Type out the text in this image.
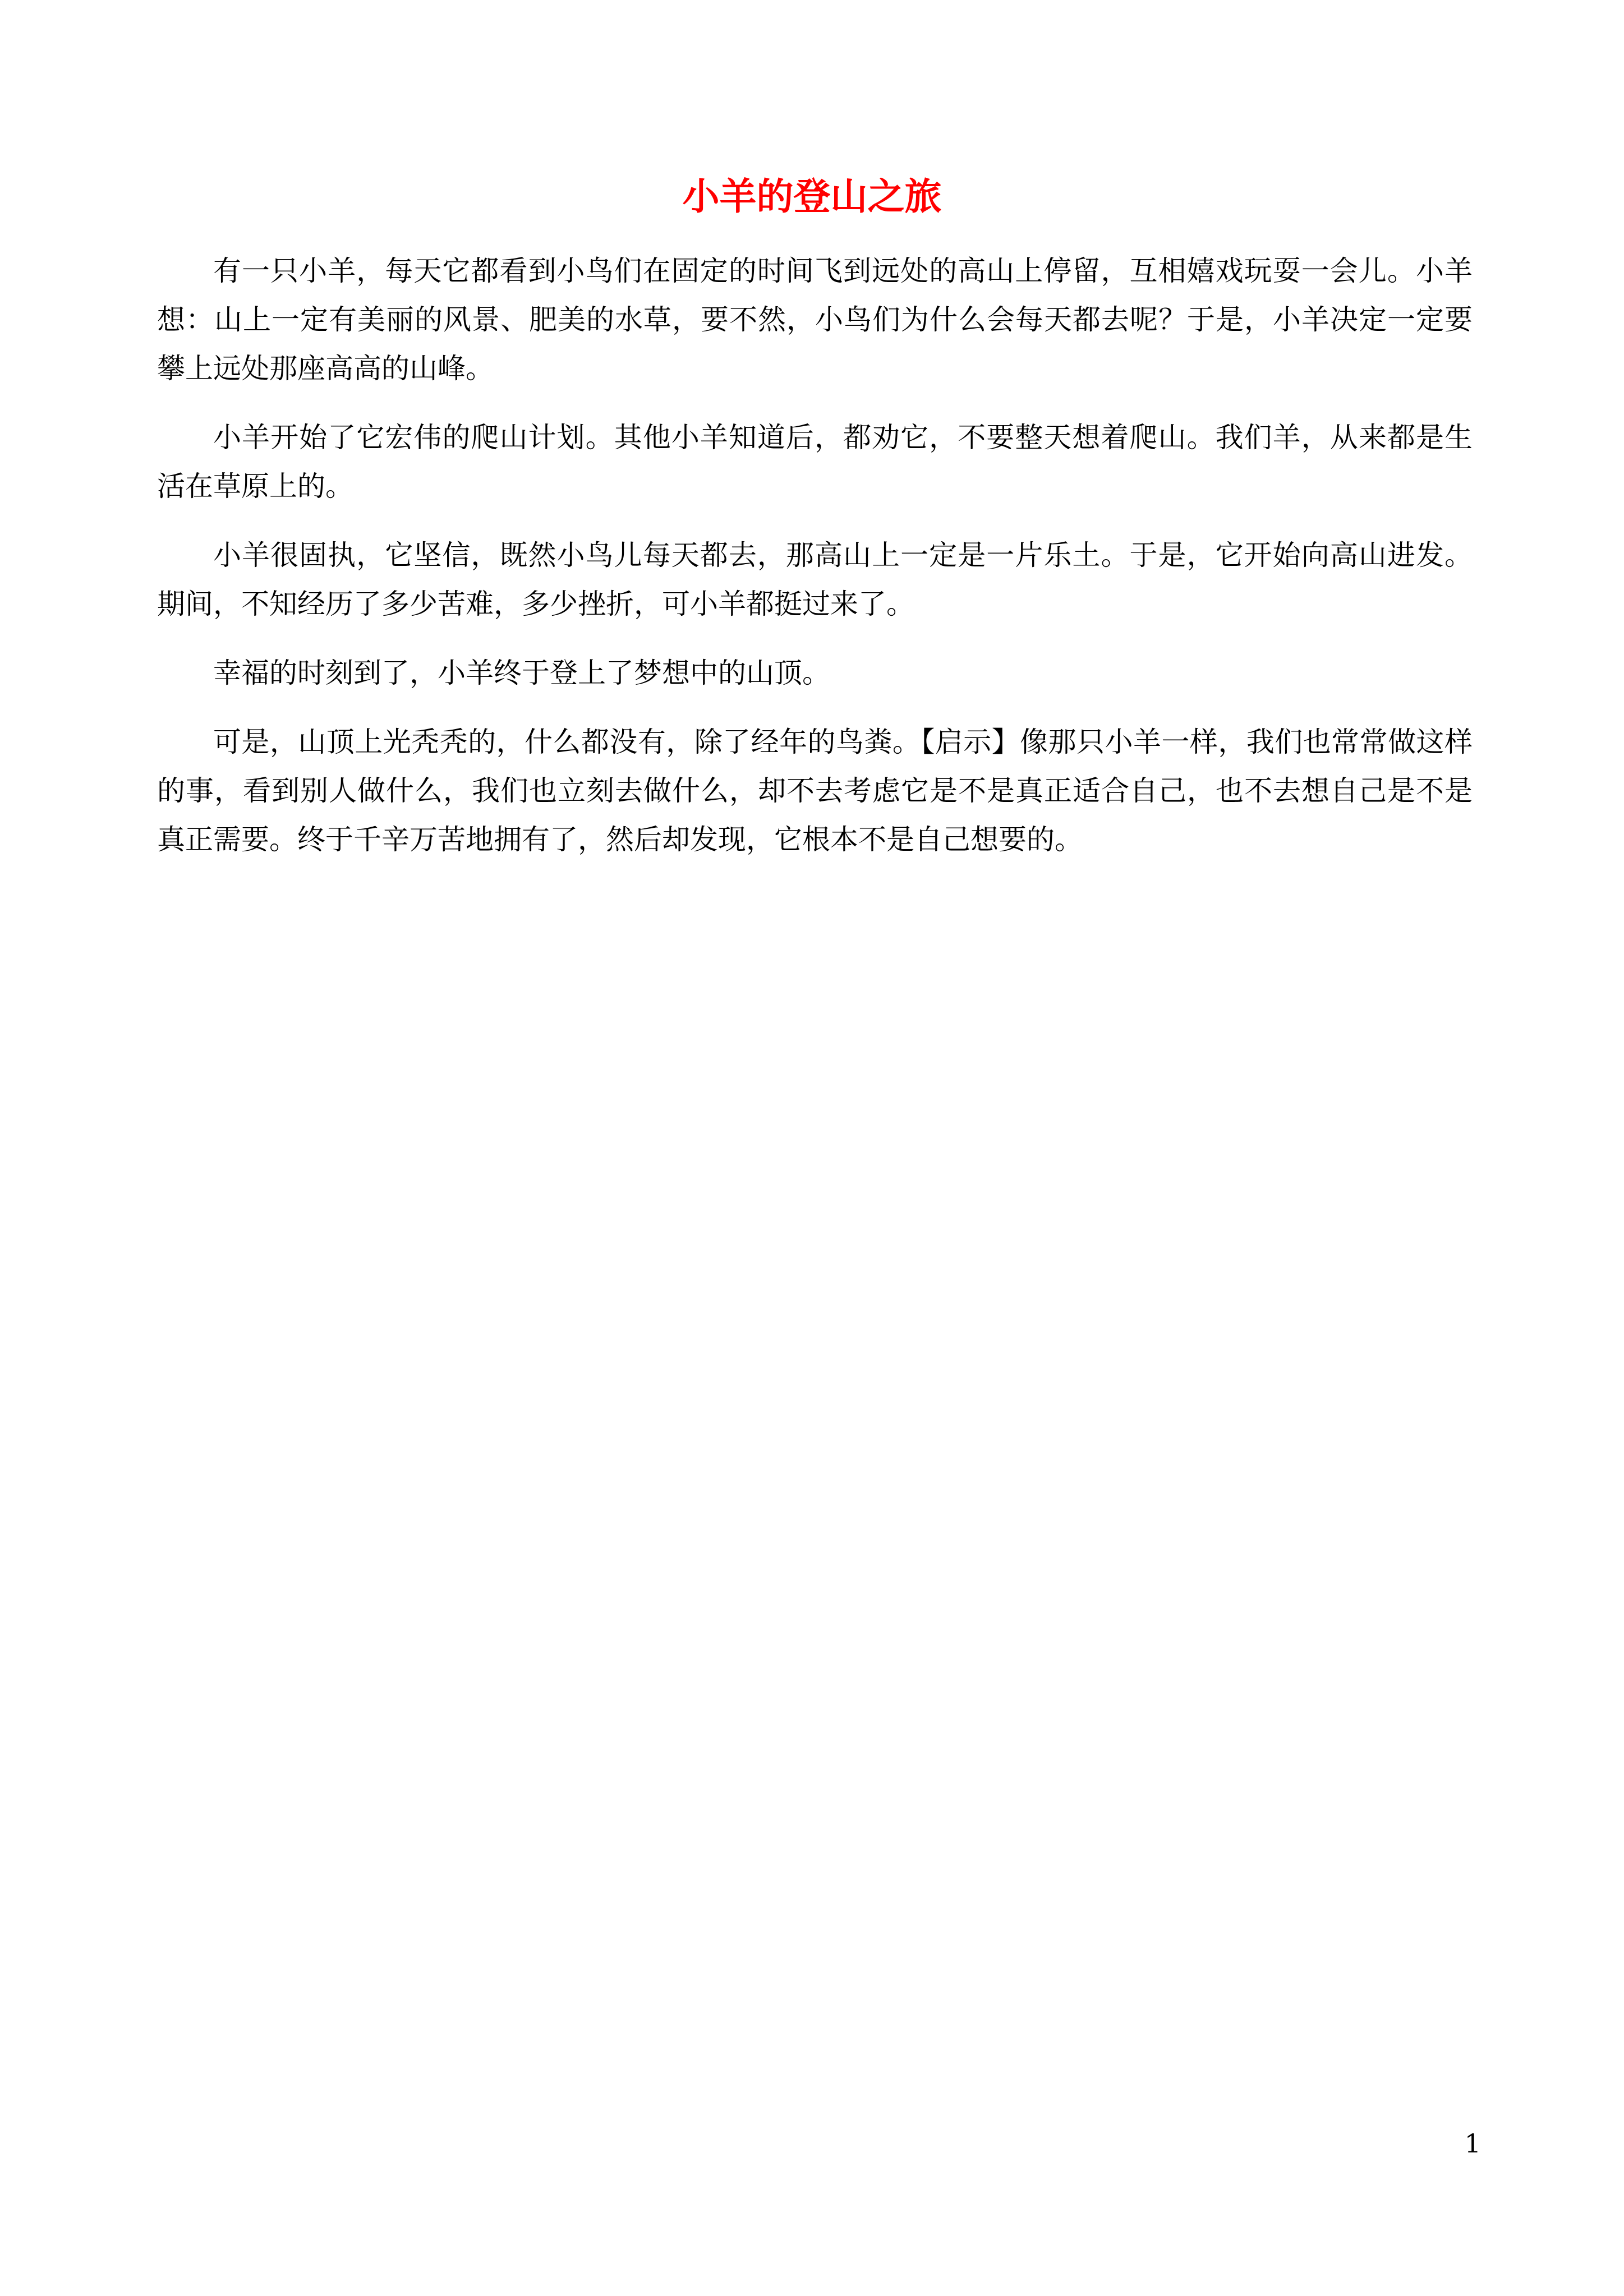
小羊的登山之旅

有一只小羊，每天它都看到小鸟们在固定的时间飞到远处的高山上停留，互相嬉戏玩耍一会儿。小羊想：山上一定有美丽的风景、肥美的水草，要不然，小鸟们为什么会每天都去呢？于是，小羊决定一定要攀上远处那座高高的山峰。

小羊开始了它宏伟的爬山计划。其他小羊知道后，都劝它，不要整天想着爬山。我们羊，从来都是生活在草原上的。

小羊很固执，它坚信，既然小鸟儿每天都去，那高山上一定是一片乐土。于是，它开始向高山进发。期间，不知经历了多少苦难，多少挫折，可小羊都挺过来了。

幸福的时刻到了，小羊终于登上了梦想中的山顶。

可是，山顶上光秃秃的，什么都没有，除了经年的鸟粪。【启示】像那只小羊一样，我们也常常做这样的事，看到别人做什么，我们也立刻去做什么，却不去考虑它是不是真正适合自己，也不去想自己是不是真正需要。终于千辛万苦地拥有了，然后却发现，它根本不是自己想要的。

1
